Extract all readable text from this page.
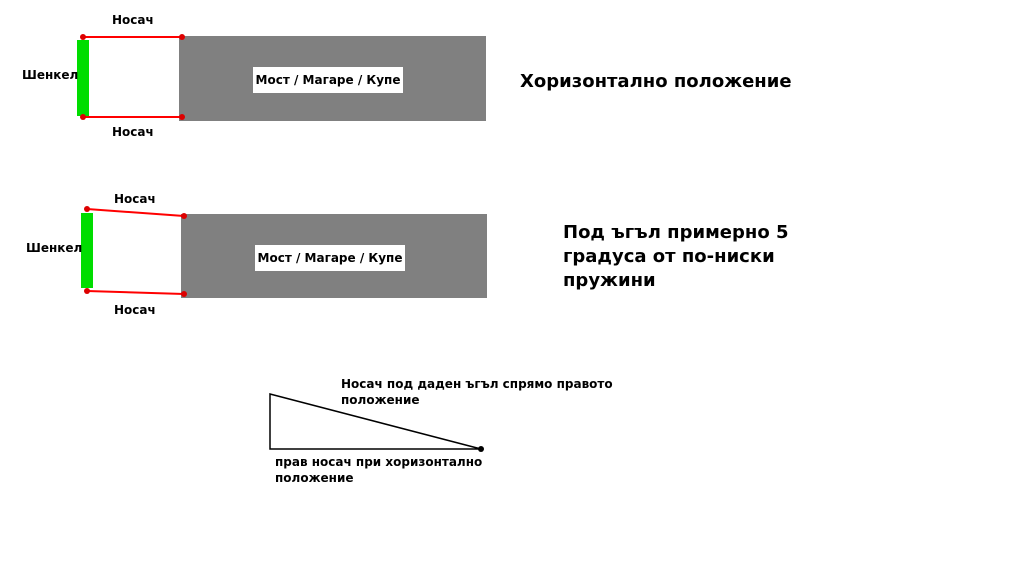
Носач
Носач
Шенкел	Мост / Магаре / Купе	Хоризонтално положение
Носач
Носач
Шенкел
Мост / Магаре / Купе
Под ъгъл примерно 5
градуса от по-ниски
пружини
Носач под даден ъгъл спрямо правото
положение
прав носач при хоризонтално
положение
